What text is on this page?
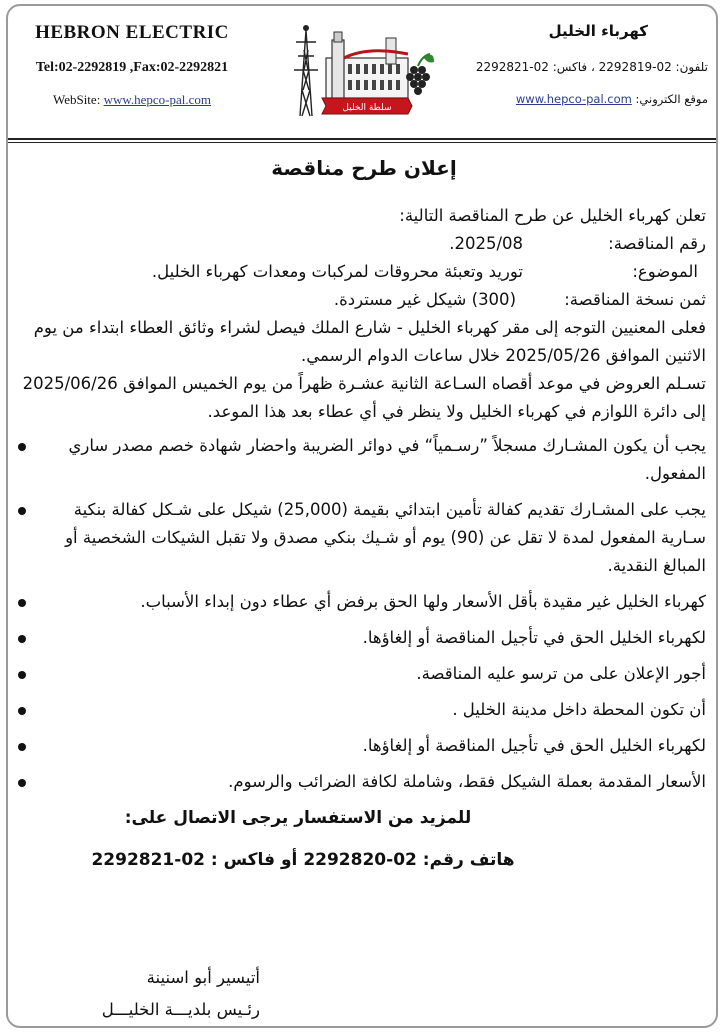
HEBRON ELECTRIC
Tel:02-2292819 ,Fax:02-2292821
WebSite: www.hepco-pal.com
سلطة الخليل
كهرباء الخليل
تلفون: 02-2292819 ، فاكس: 02-2292821
موقع الكتروني: www.hepco-pal.com
إعلان طرح مناقصة

تعلن كهرباء الخليل عن طرح المناقصة التالية:

رقم المناقصة:
2025/08.
الموضوع:
توريد وتعبئة محروقات لمركبات ومعدات كهرباء الخليل.
ثمن نسخة المناقصة:
(300) شيكل غير مستردة.

فعلى المعنيين التوجه إلى مقر كهرباء الخليل - شارع الملك فيصل لشراء وثائق العطاء ابتداء من يوم الاثنين الموافق 2025/05/26 خلال ساعات الدوام الرسمي.

تسـلم العروض في موعد أقصاه السـاعة الثانية عشـرة ظهراً من يوم الخميس الموافق 2025/06/26 إلى دائرة اللوازم في كهرباء الخليل ولا ينظر في أي عطاء بعد هذا الموعد.

يجب أن يكون المشـارك مسجلاً ”رسـمياً“ في دوائر الضريبة واحضار شهادة خصم مصدر ساري المفعول.
يجب على المشـارك تقديم كفالة تأمين ابتدائي بقيمة (25,000) شيكل على شـكل كفالة بنكية سـارية المفعول لمدة لا تقل عن (90) يوم أو شـيك بنكي مصدق ولا تقبل الشيكات الشخصية أو المبالغ النقدية.
كهرباء الخليل غير مقيدة بأقل الأسعار ولها الحق برفض أي عطاء دون إبداء الأسباب.
لكهرباء الخليل الحق في تأجيل المناقصة أو إلغاؤها.
أجور الإعلان على من ترسو عليه المناقصة.
أن تكون المحطة داخل مدينة الخليل .
لكهرباء الخليل الحق في تأجيل المناقصة أو إلغاؤها.
الأسعار المقدمة بعملة الشيكل فقط، وشاملة لكافة الضرائب والرسوم.
للمزيد من الاستفسار يرجى الاتصال على:
هاتف رقم: 02-2292820 أو فاكس : 02-2292821
أتيسير أبو اسنينة
رئـيس بلديـــة الخليـــل
